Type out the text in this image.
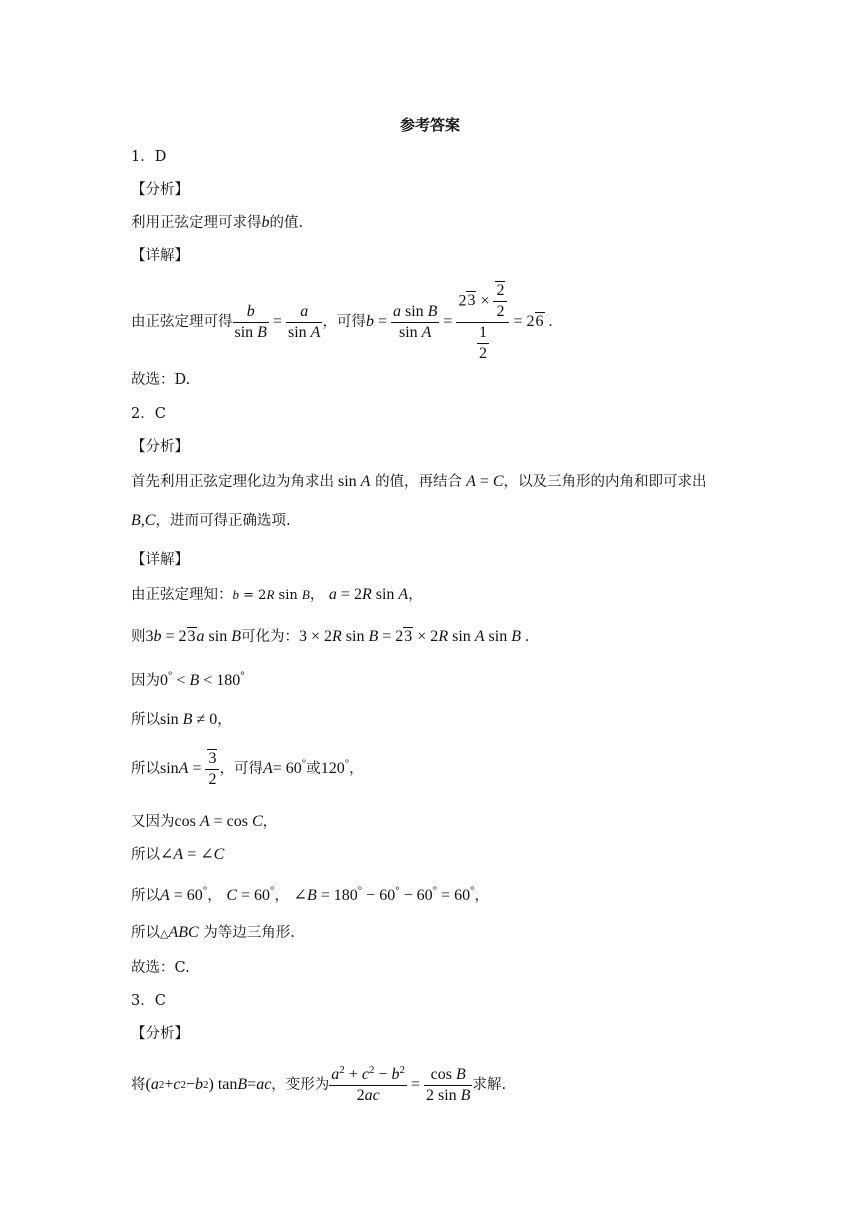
参考答案
1．D
【分析】
利用正弦定理可求得b的值.
【详解】
由正弦定理可得 $\frac{b}{\text{sin B}} = \frac{a}{\text{sin A}}$ ，可得 $b = \frac{\text{a sin B}}{\text{sin A}} = \frac{23 \times \frac{2}{2}}{\frac{1}{2}} = 26$ .
故选：D.
2．C
【分析】
首先利用正弦定理化边为角求出 sin A 的值，再结合 A = C，以及三角形的内角和即可求出
B,C，进而可得正确选项.
【详解】
由正弦定理知：b = 2R sin B， a = 2R sin A，
则3b = 23a sin B可化为：3 × 2R sin B = 23 × 2R sin A sin B .
因为0° < B < 180°
所以sin B ≠ 0，
所以 $\sin A = \frac{3}{2}$ ，可得 A = 60° 或 120° ，
又因为cos A = cos C，
所以∠A = ∠C
所以A = 60°， C = 60°， ∠B = 180° − 60° − 60° = 60°，
所以△ABC 为等边三角形.
故选：C.
3．C
【分析】
将 ( a 2 + c 2 − b 2 ) tan B = ac ，变形为 $\frac{a^2 + c^2 - b^2}{2ac} = \frac{\text{cos B}}{\text{2 sin B}}$ 求解.
